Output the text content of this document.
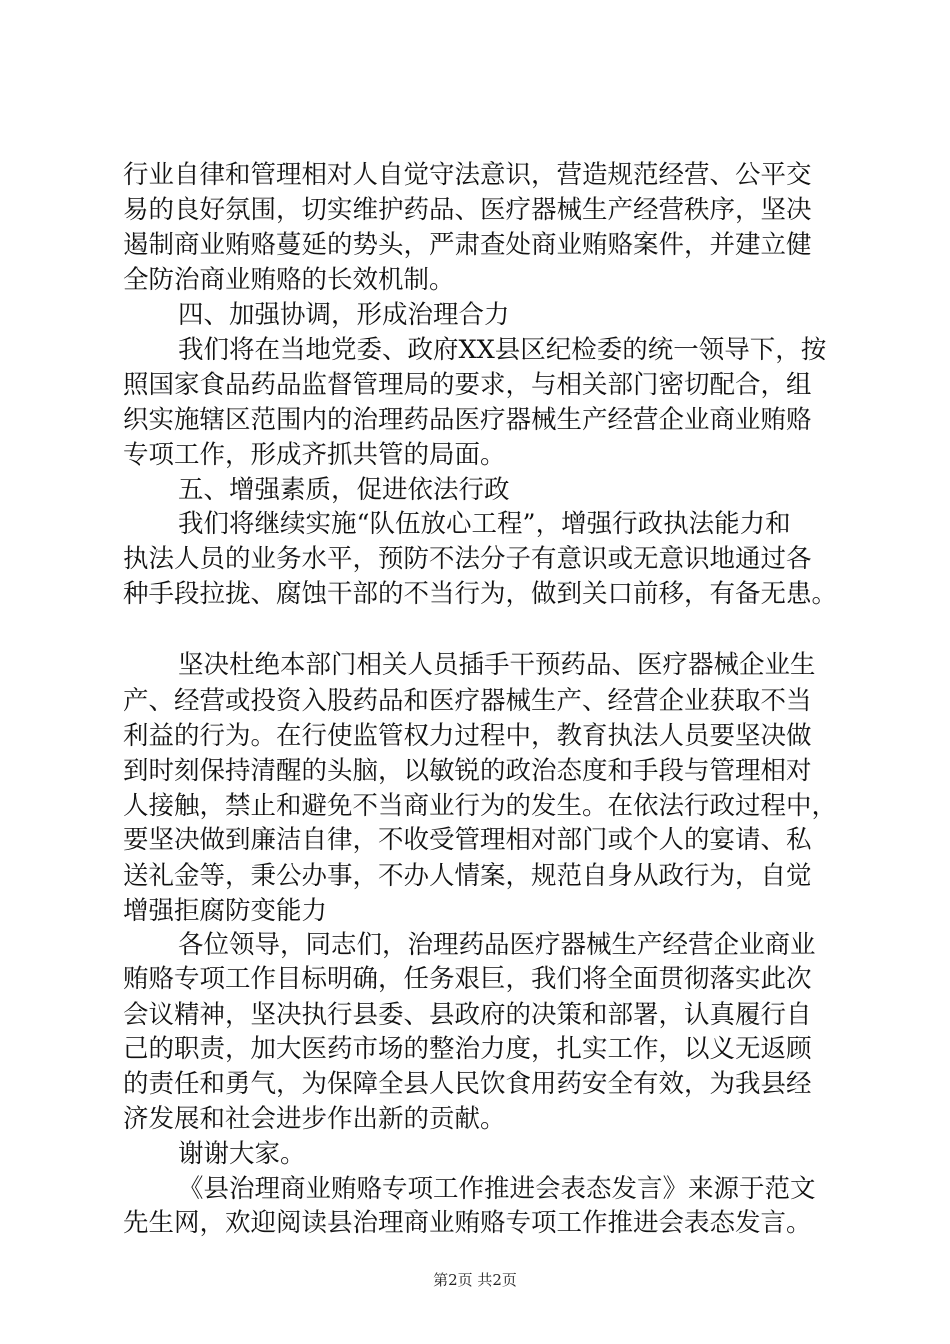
行业自律和管理相对人自觉守法意识，营造规范经营、公平交
易的良好氛围，切实维护药品、医疗器械生产经营秩序，坚决
遏制商业贿赂蔓延的势头，严肃查处商业贿赂案件，并建立健
全防治商业贿赂的长效机制。
四、加强协调，形成治理合力
我们将在当地党委、政府XX县区纪检委的统一领导下，按
照国家食品药品监督管理局的要求，与相关部门密切配合，组
织实施辖区范围内的治理药品医疗器械生产经营企业商业贿赂
专项工作，形成齐抓共管的局面。
五、增强素质，促进依法行政
我们将继续实施“队伍放心工程”，增强行政执法能力和
执法人员的业务水平，预防不法分子有意识或无意识地通过各
种手段拉拢、腐蚀干部的不当行为，做到关口前移，有备无患。
坚决杜绝本部门相关人员插手干预药品、医疗器械企业生
产、经营或投资入股药品和医疗器械生产、经营企业获取不当
利益的行为。在行使监管权力过程中，教育执法人员要坚决做
到时刻保持清醒的头脑，以敏锐的政治态度和手段与管理相对
人接触，禁止和避免不当商业行为的发生。在依法行政过程中，
要坚决做到廉洁自律，不收受管理相对部门或个人的宴请、私
送礼金等，秉公办事，不办人情案，规范自身从政行为，自觉
增强拒腐防变能力
各位领导，同志们，治理药品医疗器械生产经营企业商业
贿赂专项工作目标明确，任务艰巨，我们将全面贯彻落实此次
会议精神，坚决执行县委、县政府的决策和部署，认真履行自
己的职责，加大医药市场的整治力度，扎实工作，以义无返顾
的责任和勇气，为保障全县人民饮食用药安全有效，为我县经
济发展和社会进步作出新的贡献。
谢谢大家。
《县治理商业贿赂专项工作推进会表态发言》来源于范文
先生网，欢迎阅读县治理商业贿赂专项工作推进会表态发言。
第2页 共2页
